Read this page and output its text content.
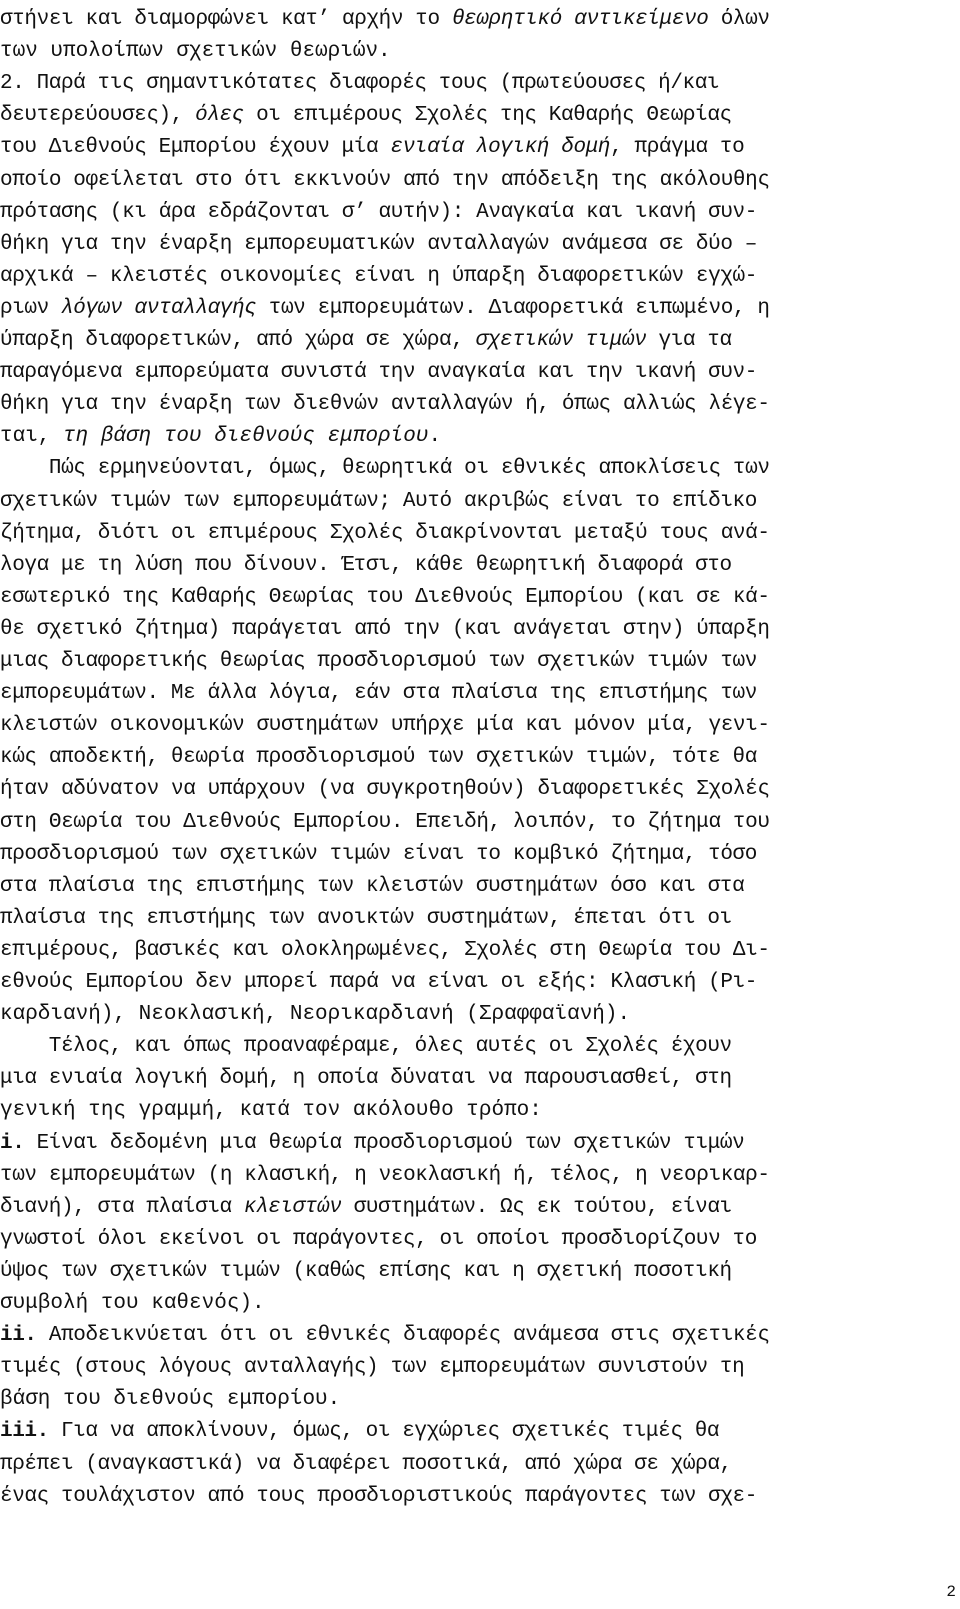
στήνει και διαμορφώνει κατ’ αρχήν το θεωρητικό αντικείμενο όλων
των υπολοίπων σχετικών θεωριών.
2. Παρά τις σημαντικότατες διαφορές τους (πρωτεύουσες ή/και
δευτερεύουσες), όλες οι επιμέρους Σχολές της Καθαρής Θεωρίας
του Διεθνούς Εμπορίου έχουν μία ενιαία λογική δομή, πράγμα το
οποίο οφείλεται στο ότι εκκινούν από την απόδειξη της ακόλουθης
πρότασης (κι άρα εδράζονται σ’ αυτήν): Αναγκαία και ικανή συν-
θήκη για την έναρξη εμπορευματικών ανταλλαγών ανάμεσα σε δύο –
αρχικά – κλειστές οικονομίες είναι η ύπαρξη διαφορετικών εγχώ-
ριων λόγων ανταλλαγής των εμπορευμάτων. Διαφορετικά ειπωμένο, η
ύπαρξη διαφορετικών, από χώρα σε χώρα, σχετικών τιμών για τα
παραγόμενα εμπορεύματα συνιστά την αναγκαία και την ικανή συν-
θήκη για την έναρξη των διεθνών ανταλλαγών ή, όπως αλλιώς λέγε-
ται, τη βάση του διεθνούς εμπορίου.
Πώς ερμηνεύονται, όμως, θεωρητικά οι εθνικές αποκλίσεις των
σχετικών τιμών των εμπορευμάτων; Αυτό ακριβώς είναι το επίδικο
ζήτημα, διότι οι επιμέρους Σχολές διακρίνονται μεταξύ τους ανά-
λογα με τη λύση που δίνουν. Έτσι, κάθε θεωρητική διαφορά στο
εσωτερικό της Καθαρής Θεωρίας του Διεθνούς Εμπορίου (και σε κά-
θε σχετικό ζήτημα) παράγεται από την (και ανάγεται στην) ύπαρξη
μιας διαφορετικής θεωρίας προσδιορισμού των σχετικών τιμών των
εμπορευμάτων. Με άλλα λόγια, εάν στα πλαίσια της επιστήμης των
κλειστών οικονομικών συστημάτων υπήρχε μία και μόνον μία, γενι-
κώς αποδεκτή, θεωρία προσδιορισμού των σχετικών τιμών, τότε θα
ήταν αδύνατον να υπάρχουν (να συγκροτηθούν) διαφορετικές Σχολές
στη Θεωρία του Διεθνούς Εμπορίου. Επειδή, λοιπόν, το ζήτημα του
προσδιορισμού των σχετικών τιμών είναι το κομβικό ζήτημα, τόσο
στα πλαίσια της επιστήμης των κλειστών συστημάτων όσο και στα
πλαίσια της επιστήμης των ανοικτών συστημάτων, έπεται ότι οι
επιμέρους, βασικές και ολοκληρωμένες, Σχολές στη Θεωρία του Δι-
εθνούς Εμπορίου δεν μπορεί παρά να είναι οι εξής: Κλασική (Ρι-
καρδιανή), Νεοκλασική, Νεορικαρδιανή (Σραφφαϊανή).
Τέλος, και όπως προαναφέραμε, όλες αυτές οι Σχολές έχουν
μια ενιαία λογική δομή, η οποία δύναται να παρουσιασθεί, στη
γενική της γραμμή, κατά τον ακόλουθο τρόπο:
i. Είναι δεδομένη μια θεωρία προσδιορισμού των σχετικών τιμών
των εμπορευμάτων (η κλασική, η νεοκλασική ή, τέλος, η νεορικαρ-
διανή), στα πλαίσια κλειστών συστημάτων. Ως εκ τούτου, είναι
γνωστοί όλοι εκείνοι οι παράγοντες, οι οποίοι προσδιορίζουν το
ύψος των σχετικών τιμών (καθώς επίσης και η σχετική ποσοτική
συμβολή του καθενός).
ii. Αποδεικνύεται ότι οι εθνικές διαφορές ανάμεσα στις σχετικές
τιμές (στους λόγους ανταλλαγής) των εμπορευμάτων συνιστούν τη
βάση του διεθνούς εμπορίου.
iii. Για να αποκλίνουν, όμως, οι εγχώριες σχετικές τιμές θα
πρέπει (αναγκαστικά) να διαφέρει ποσοτικά, από χώρα σε χώρα,
ένας τουλάχιστον από τους προσδιοριστικούς παράγοντες των σχε-
2
